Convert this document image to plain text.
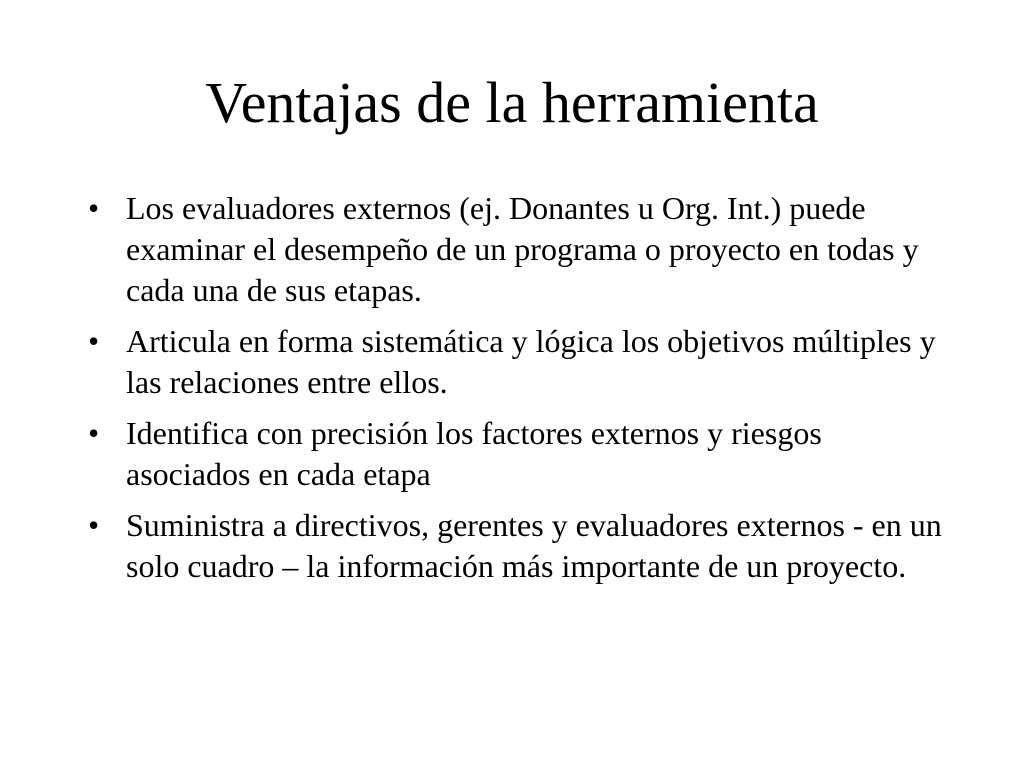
Ventajas de la herramienta
• Los evaluadores externos (ej. Donantes u Org. Int.) puede examinar el desempeño de un programa o proyecto en todas y cada una de sus etapas.
• Articula en forma sistemática y lógica los objetivos múltiples y las relaciones entre ellos.
• Identifica con precisión los factores externos y riesgos asociados en cada etapa
• Suministra a directivos, gerentes y evaluadores externos - en un solo cuadro – la información más importante de un proyecto.
